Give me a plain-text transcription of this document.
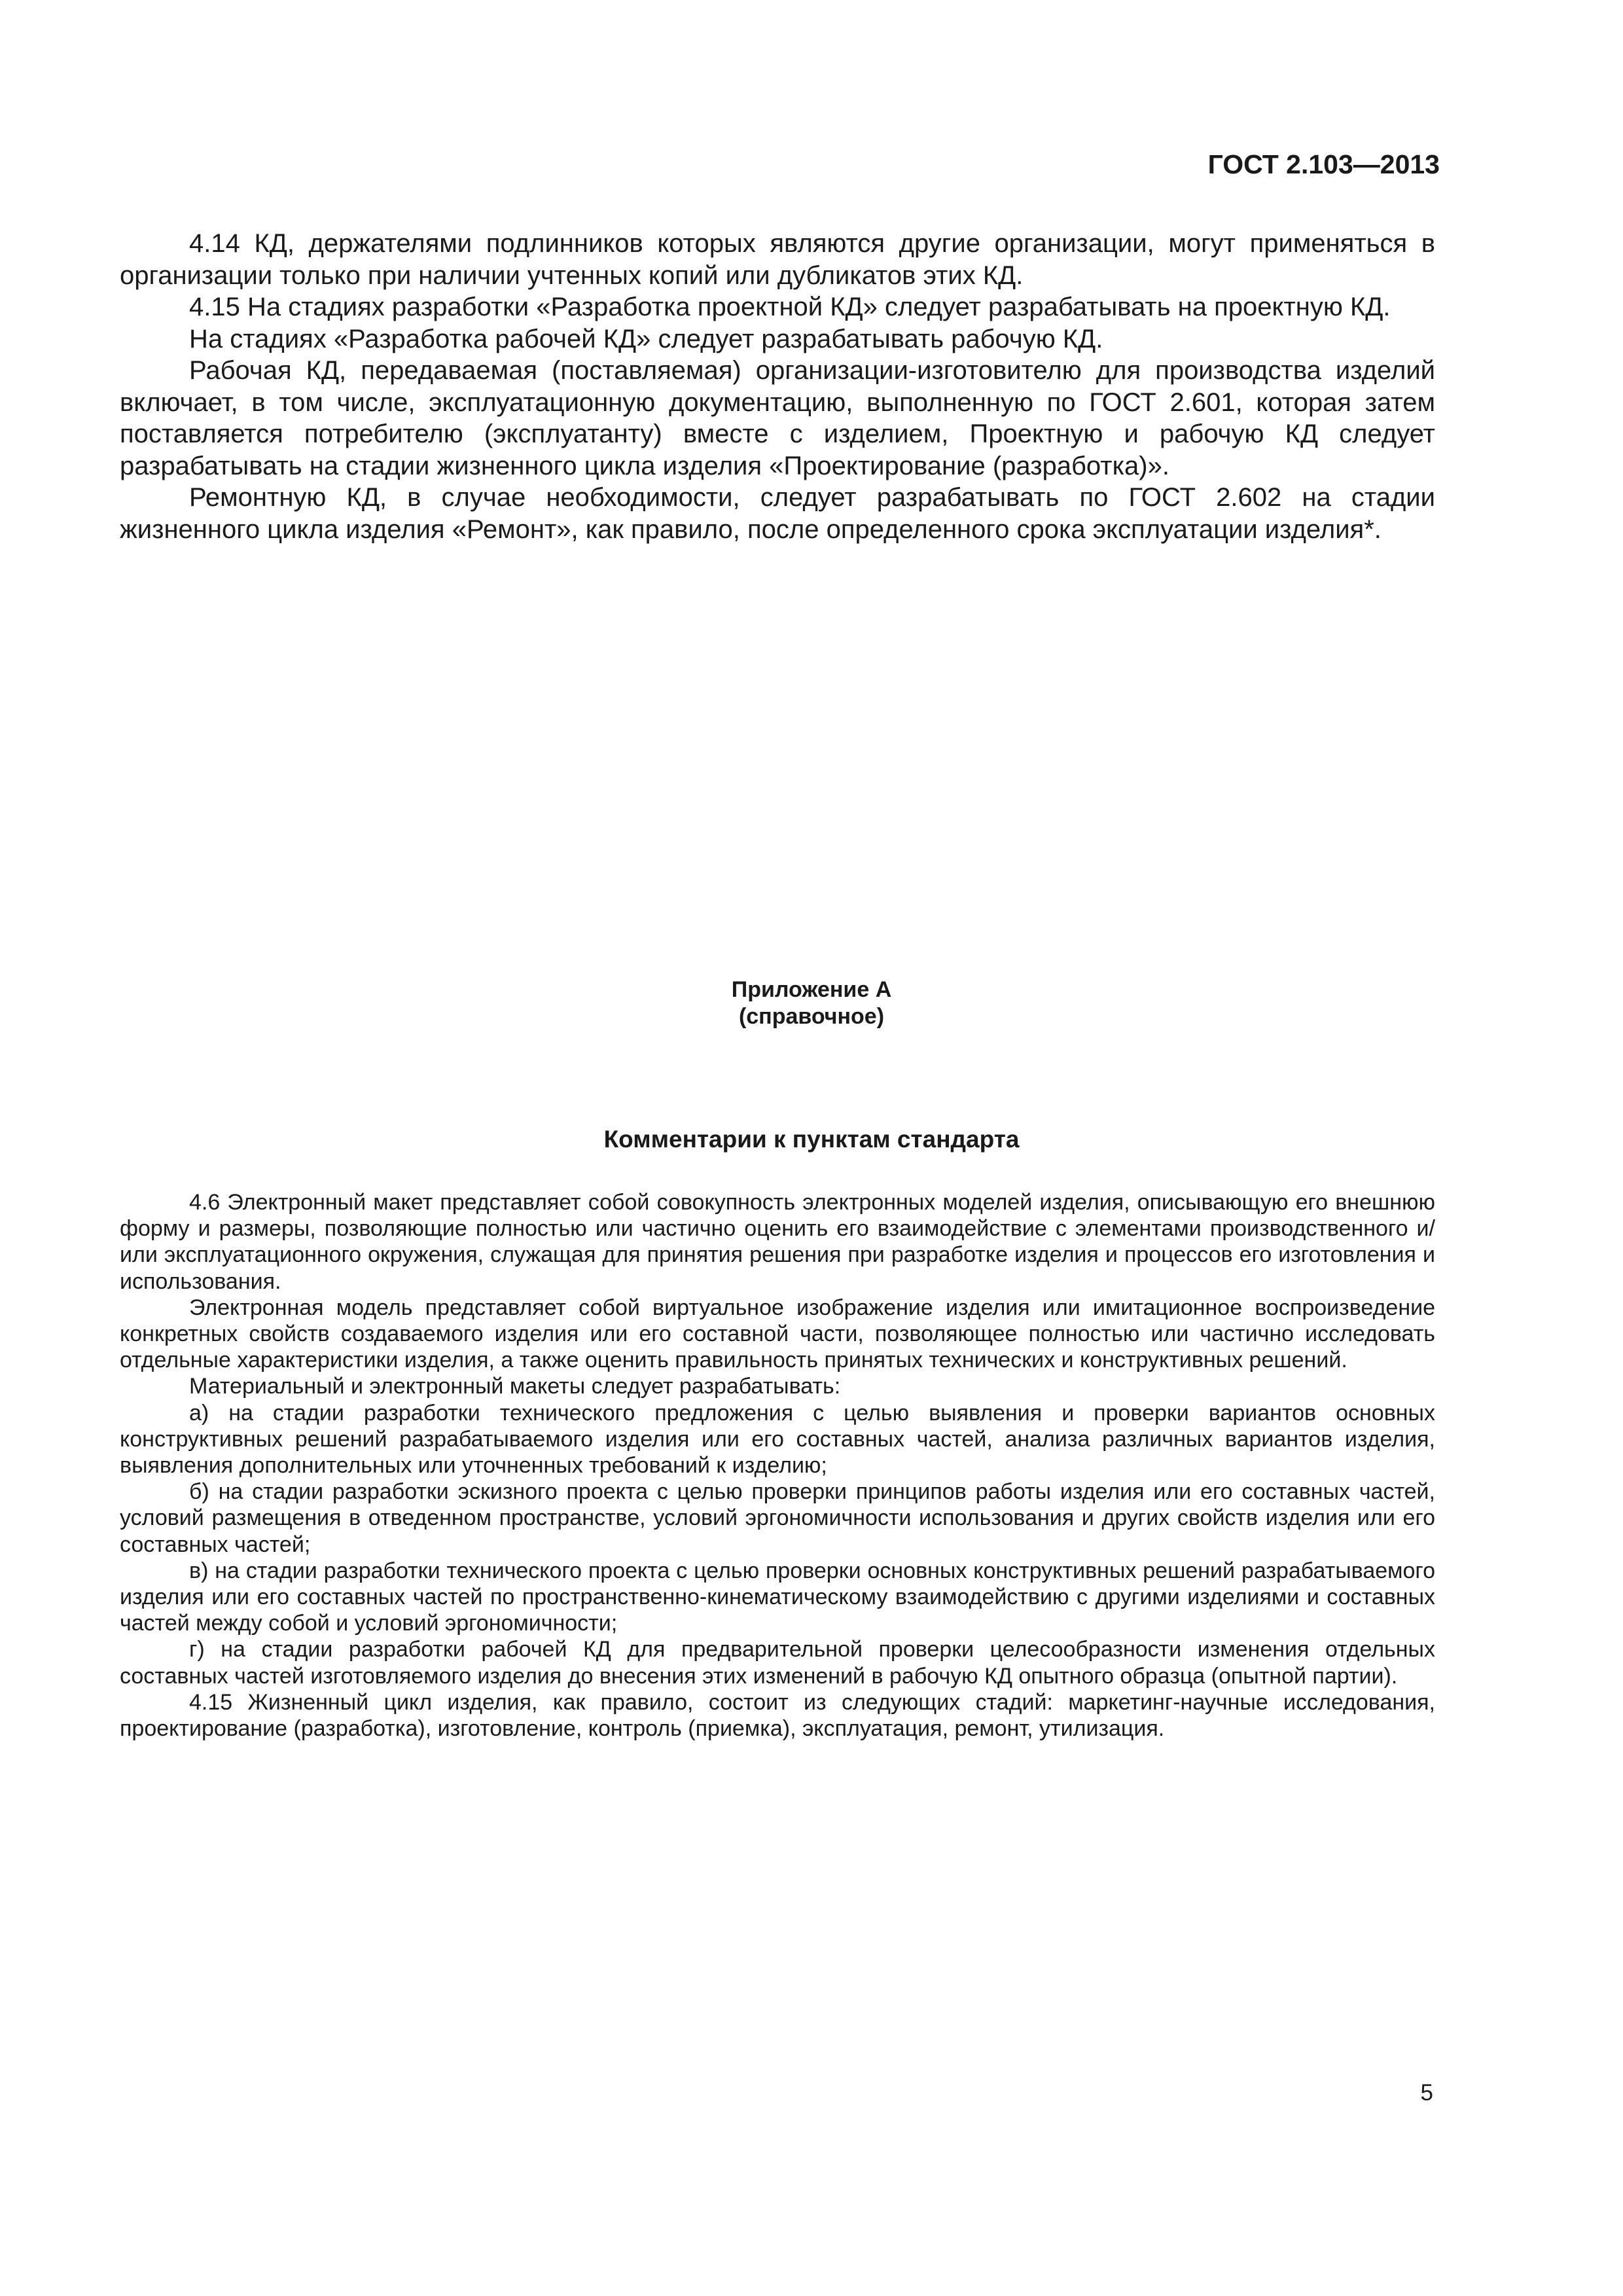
ГОСТ 2.103—2013

4.14 КД, держателями подлинников которых являются другие организации, могут применяться в организации только при наличии учтенных копий или дубликатов этих КД.

4.15 На стадиях разработки «Разработка проектной КД» следует разрабатывать на проектную КД.

На стадиях «Разработка рабочей КД» следует разрабатывать рабочую КД.

Рабочая КД, передаваемая (поставляемая) организации-изготовителю для производства изделий включает, в том числе, эксплуатационную документацию, выполненную по ГОСТ 2.601, которая затем поставляется потребителю (эксплуатанту) вместе с изделием, Проектную и рабочую КД следует разрабатывать на стадии жизненного цикла изделия «Проектирование (разработка)».

Ремонтную КД, в случае необходимости, следует разрабатывать по ГОСТ 2.602 на стадии жизненного цикла изделия «Ремонт», как правило, после определенного срока эксплуатации изделия*.

Приложение А
(справочное)
Комментарии к пунктам стандарта

4.6 Электронный макет представляет собой совокупность электронных моделей изделия, описывающую его внешнюю форму и размеры, позволяющие полностью или частично оценить его взаимодействие с элементами производственного и/или эксплуатационного окружения, служащая для принятия решения при разработке изделия и процессов его изготовления и использования.

Электронная модель представляет собой виртуальное изображение изделия или имитационное воспроизведение конкретных свойств создаваемого изделия или его составной части, позволяющее полностью или частично исследовать отдельные характеристики изделия, а также оценить правильность принятых технических и конструктивных решений.

Материальный и электронный макеты следует разрабатывать:

а) на стадии разработки технического предложения с целью выявления и проверки вариантов основных конструктивных решений разрабатываемого изделия или его составных частей, анализа различных вариантов изделия, выявления дополнительных или уточненных требований к изделию;

б) на стадии разработки эскизного проекта с целью проверки принципов работы изделия или его составных частей, условий размещения в отведенном пространстве, условий эргономичности использования и других свойств изделия или его составных частей;

в) на стадии разработки технического проекта с целью проверки основных конструктивных решений разрабатываемого изделия или его составных частей по пространственно-кинематическому взаимодействию с другими изделиями и составных частей между собой и условий эргономичности;

г) на стадии разработки рабочей КД для предварительной проверки целесообразности изменения отдельных составных частей изготовляемого изделия до внесения этих изменений в рабочую КД опытного образца (опытной партии).

4.15 Жизненный цикл изделия, как правило, состоит из следующих стадий: маркетинг-научные исследования, проектирование (разработка), изготовление, контроль (приемка), эксплуатация, ремонт, утилизация.

5
